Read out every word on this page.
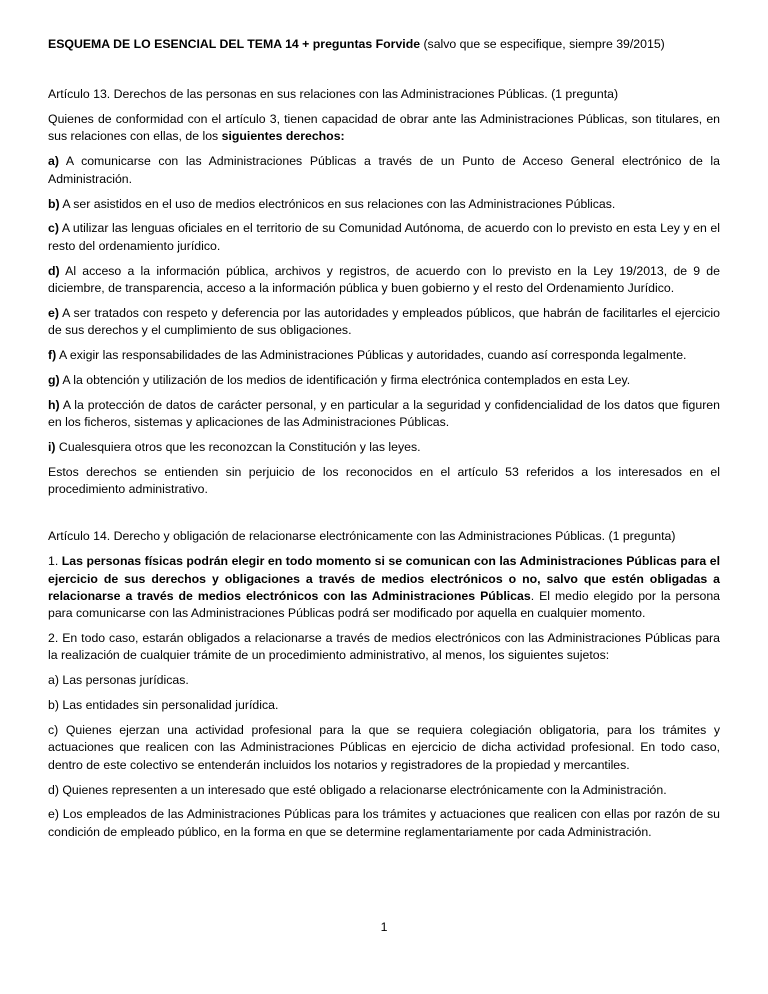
ESQUEMA DE LO ESENCIAL DEL TEMA 14 + preguntas Forvide (salvo que se especifique, siempre 39/2015)

Artículo 13. Derechos de las personas en sus relaciones con las Administraciones Públicas. (1 pregunta)

Quienes de conformidad con el artículo 3, tienen capacidad de obrar ante las Administraciones Públicas, son titulares, en sus relaciones con ellas, de los siguientes derechos:

a) A comunicarse con las Administraciones Públicas a través de un Punto de Acceso General electrónico de la Administración.

b) A ser asistidos en el uso de medios electrónicos en sus relaciones con las Administraciones Públicas.

c) A utilizar las lenguas oficiales en el territorio de su Comunidad Autónoma, de acuerdo con lo previsto en esta Ley y en el resto del ordenamiento jurídico.

d) Al acceso a la información pública, archivos y registros, de acuerdo con lo previsto en la Ley 19/2013, de 9 de diciembre, de transparencia, acceso a la información pública y buen gobierno y el resto del Ordenamiento Jurídico.

e) A ser tratados con respeto y deferencia por las autoridades y empleados públicos, que habrán de facilitarles el ejercicio de sus derechos y el cumplimiento de sus obligaciones.

f) A exigir las responsabilidades de las Administraciones Públicas y autoridades, cuando así corresponda legalmente.

g) A la obtención y utilización de los medios de identificación y firma electrónica contemplados en esta Ley.

h) A la protección de datos de carácter personal, y en particular a la seguridad y confidencialidad de los datos que figuren en los ficheros, sistemas y aplicaciones de las Administraciones Públicas.

i) Cualesquiera otros que les reconozcan la Constitución y las leyes.

Estos derechos se entienden sin perjuicio de los reconocidos en el artículo 53 referidos a los interesados en el procedimiento administrativo.

Artículo 14. Derecho y obligación de relacionarse electrónicamente con las Administraciones Públicas. (1 pregunta)

1. Las personas físicas podrán elegir en todo momento si se comunican con las Administraciones Públicas para el ejercicio de sus derechos y obligaciones a través de medios electrónicos o no, salvo que estén obligadas a relacionarse a través de medios electrónicos con las Administraciones Públicas. El medio elegido por la persona para comunicarse con las Administraciones Públicas podrá ser modificado por aquella en cualquier momento.

2. En todo caso, estarán obligados a relacionarse a través de medios electrónicos con las Administraciones Públicas para la realización de cualquier trámite de un procedimiento administrativo, al menos, los siguientes sujetos:

a) Las personas jurídicas.

b) Las entidades sin personalidad jurídica.

c) Quienes ejerzan una actividad profesional para la que se requiera colegiación obligatoria, para los trámites y actuaciones que realicen con las Administraciones Públicas en ejercicio de dicha actividad profesional. En todo caso, dentro de este colectivo se entenderán incluidos los notarios y registradores de la propiedad y mercantiles.

d) Quienes representen a un interesado que esté obligado a relacionarse electrónicamente con la Administración.

e) Los empleados de las Administraciones Públicas para los trámites y actuaciones que realicen con ellas por razón de su condición de empleado público, en la forma en que se determine reglamentariamente por cada Administración.

1
